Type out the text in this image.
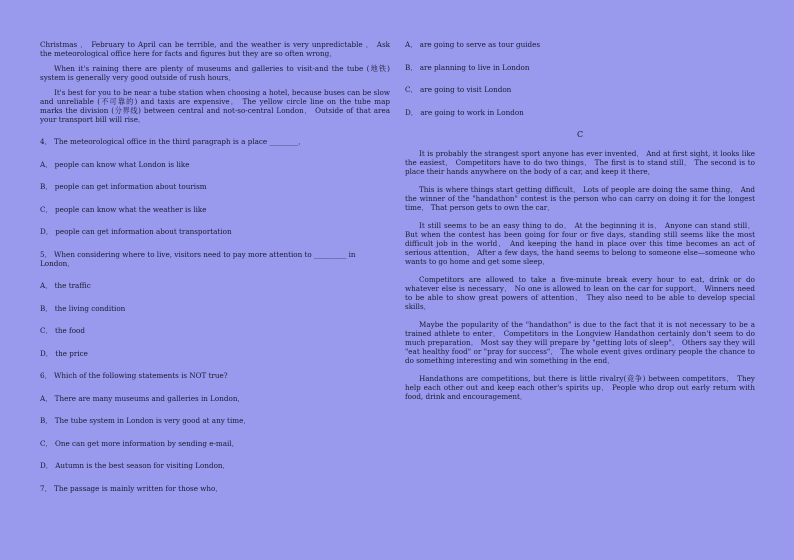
Christmas ． February to April can be terrible, and the weather is very unpredictable ． Ask the meteorological office here for facts and figures but they are so often wrong．

When it's raining there are plenty of museums and galleries to visit-and the tube (地铁) system is generally very good outside of rush hours．

It's best for you to be near a tube station when choosing a hotel, because buses can be slow and unreliable (不可靠的) and taxis are expensive． The yellow circle line on the tube map marks the division (分界线) between central and not-so-central London． Outside of that area your transport bill will rise．

4． The meteorological office in the third paragraph is a place ________．
A． people can know what London is like
B． people can get information about tourism
C． people can know what the weather is like
D． people can get information about transportation
5． When considering where to live, visitors need to pay more attention to _________ in London．
A． the traffic
B． the living condition
C． the food
D． the price
6． Which of the following statements is NOT true?
A． There are many museums and galleries in London．
B． The tube system in London is very good at any time．
C． One can get more information by sending e-mail．
D． Autumn is the best season for visiting London．
7． The passage is mainly written for those who．
A． are going to serve as tour guides
B． are planning to live in London
C． are going to visit London
D． are going to work in London
C

It is probably the strangest sport anyone has ever invented． And at first sight, it looks like the easiest． Competitors have to do two things． The first is to stand still． The second is to place their hands anywhere on the body of a car, and keep it there．

This is where things start getting difficult． Lots of people are doing the same thing． And the winner of the "handathon" contest is the person who can carry on doing it for the longest time． That person gets to own the car．

It still seems to be an easy thing to do． At the beginning it is． Anyone can stand still． But when the contest has been going for four or five days, standing still seems like the most difficult job in the world． And keeping the hand in place over this time becomes an act of serious attention． After a few days, the hand seems to belong to someone else—someone who wants to go home and get some sleep．

Competitors are allowed to take a five-minute break every hour to eat, drink or do whatever else is necessary． No one is allowed to lean on the car for support． Winners need to be able to show great powers of attention． They also need to be able to develop special skills．

Maybe the popularity of the "handathon" is due to the fact that it is not necessary to be a trained athlete to enter． Competitors in the Longview Handathon certainly don't seem to do much preparation． Most say they will prepare by "getting lots of sleep"． Others say they will "eat healthy food" or "pray for success"． The whole event gives ordinary people the chance to do something interesting and win something in the end．

Handathons are competitions, but there is little rivalry(竞争) between competitors． They help each other out and keep each other's spirits up． People who drop out early return with food, drink and encouragement．
